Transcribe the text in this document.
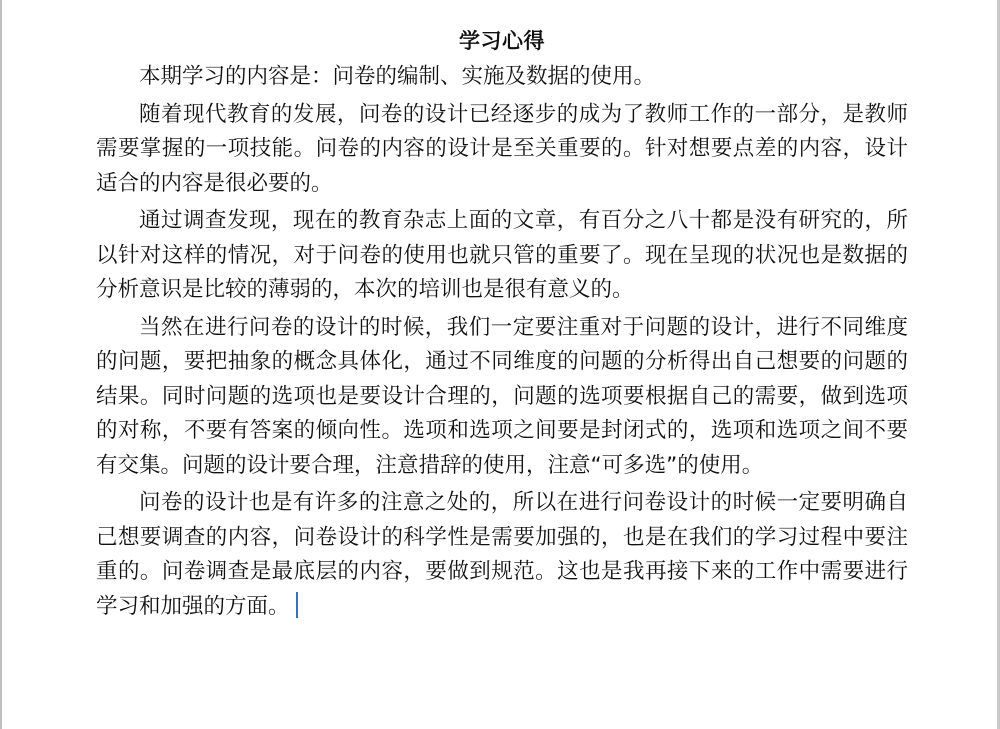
学习心得

本期学习的内容是：问卷的编制、实施及数据的使用。

随着现代教育的发展，问卷的设计已经逐步的成为了教师工作的一部分，是教师需要掌握的一项技能。问卷的内容的设计是至关重要的。针对想要点差的内容，设计适合的内容是很必要的。

通过调查发现，现在的教育杂志上面的文章，有百分之八十都是没有研究的，所以针对这样的情况，对于问卷的使用也就只管的重要了。现在呈现的状况也是数据的分析意识是比较的薄弱的，本次的培训也是很有意义的。

当然在进行问卷的设计的时候，我们一定要注重对于问题的设计，进行不同维度的问题，要把抽象的概念具体化，通过不同维度的问题的分析得出自己想要的问题的结果。同时问题的选项也是要设计合理的，问题的选项要根据自己的需要，做到选项的对称，不要有答案的倾向性。选项和选项之间要是封闭式的，选项和选项之间不要有交集。问题的设计要合理，注意措辞的使用，注意“可多选”的使用。

问卷的设计也是有许多的注意之处的，所以在进行问卷设计的时候一定要明确自己想要调查的内容，问卷设计的科学性是需要加强的，也是在我们的学习过程中要注重的。问卷调查是最底层的内容，要做到规范。这也是我再接下来的工作中需要进行学习和加强的方面。
